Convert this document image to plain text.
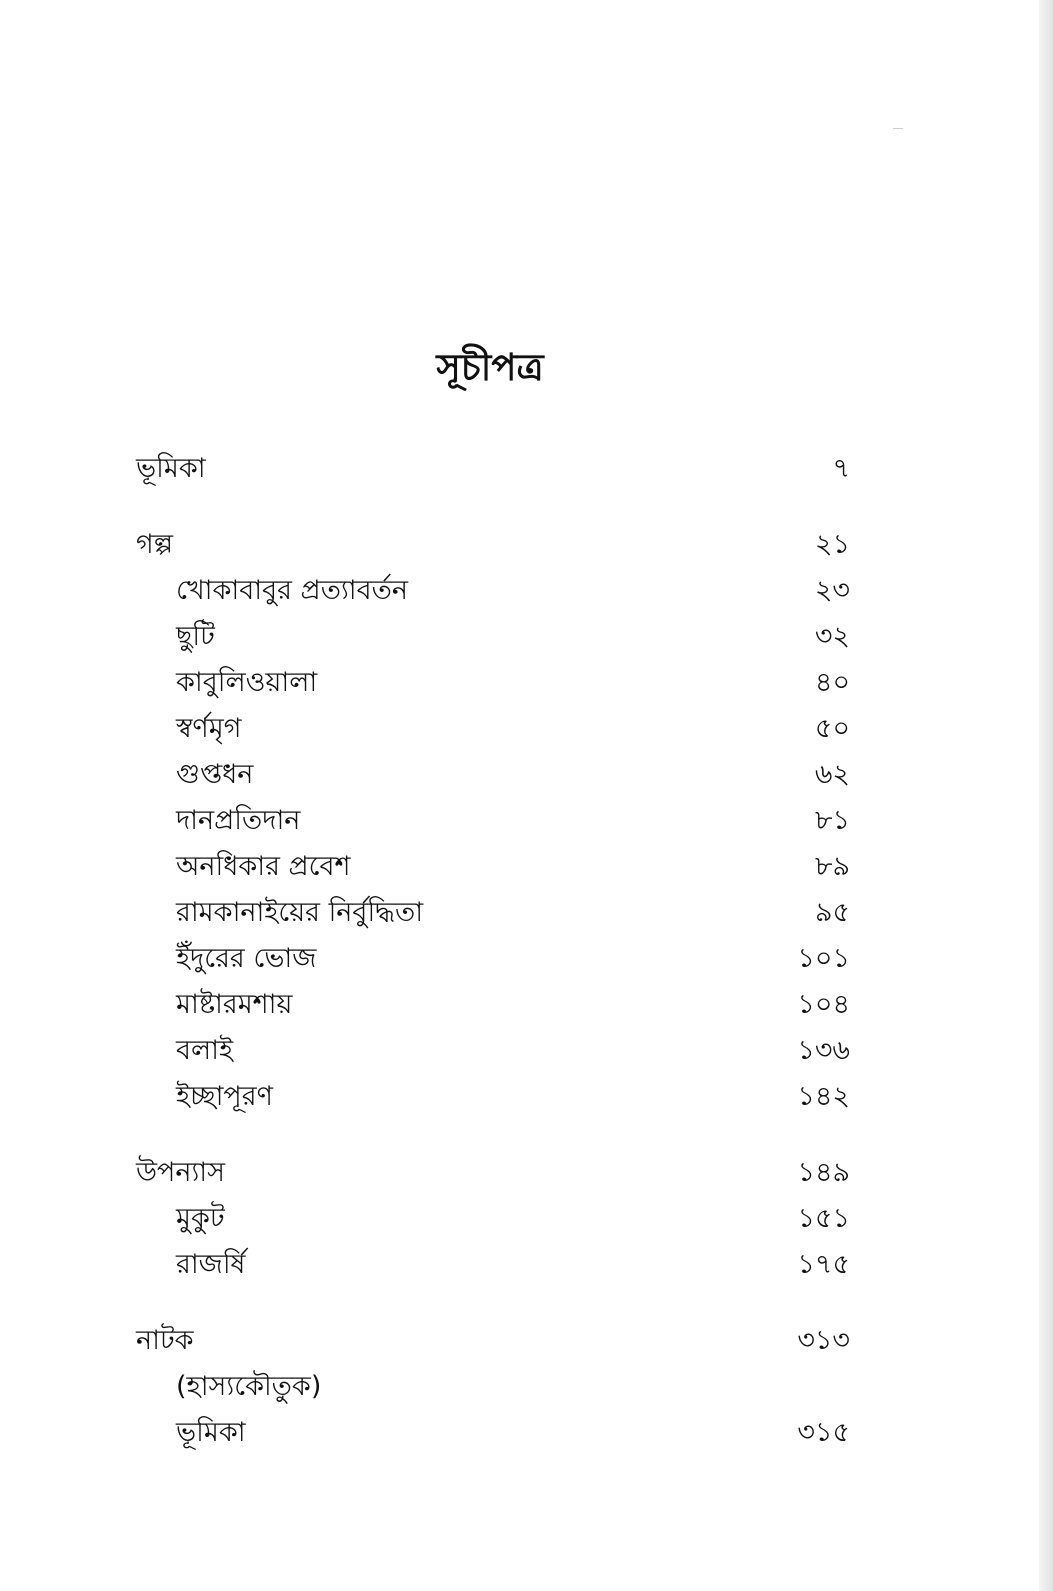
সূচীপত্র
ভূমিকা	৭
গল্প	২১
খোকাবাবুর প্রত্যাবর্তন	২৩
ছুটি	৩২
কাবুলিওয়ালা	৪০
স্বর্ণমৃগ	৫০
গুপ্তধন	৬২
দানপ্রতিদান	৮১
অনধিকার প্রবেশ	৮৯
রামকানাইয়ের নির্বুদ্ধিতা	৯৫
ইঁদুরের ভোজ	১০১
মাষ্টারমশায়	১০৪
বলাই	১৩৬
ইচ্ছাপূরণ	১৪২
উপন্যাস	১৪৯
মুকুট	১৫১
রাজর্ষি	১৭৫
নাটক	৩১৩
(হাস্যকৌতুক)
ভূমিকা	৩১৫
